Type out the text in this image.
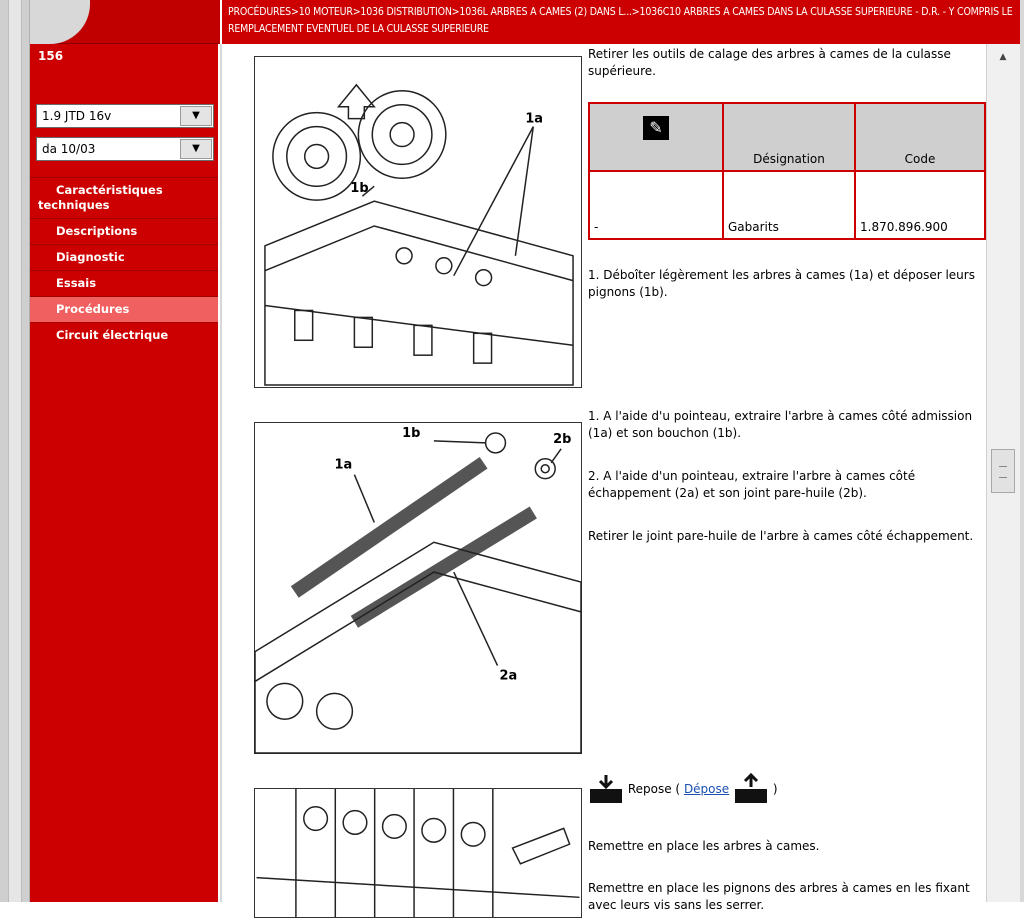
PROCÉDURES>10 MOTEUR>1036 DISTRIBUTION>1036L ARBRES A CAMES (2) DANS L...>1036C10 ARBRES A CAMES DANS LA CULASSE SUPERIEURE - D.R. - Y COMPRIS LE REMPLACEMENT EVENTUEL DE LA CULASSE SUPERIEURE
156
1.9 JTD 16v	▼
da 10/03	▼
Caractéristiques techniques
Descriptions
Diagnostic
Essais
Procédures
Circuit électrique
1a
1b
Retirer les outils de calage des arbres à cames de la culasse supérieure.
✎	Désignation	Code
-	Gabarits	1.870.896.900
1. Déboîter légèrement les arbres à cames (1a) et déposer leurs pignons (1b).
1b	2b
1a
2a
1. A l'aide d'u pointeau, extraire l'arbre à cames côté admission (1a) et son bouchon (1b).
2. A l'aide d'un pointeau, extraire l'arbre à cames côté échappement (2a) et son joint pare-huile (2b).
Retirer le joint pare-huile de l'arbre à cames côté échappement.
Repose ( Dépose	)
Remettre en place les arbres à cames.
Remettre en place les pignons des arbres à cames en les fixant avec leurs vis sans les serrer.
▲
